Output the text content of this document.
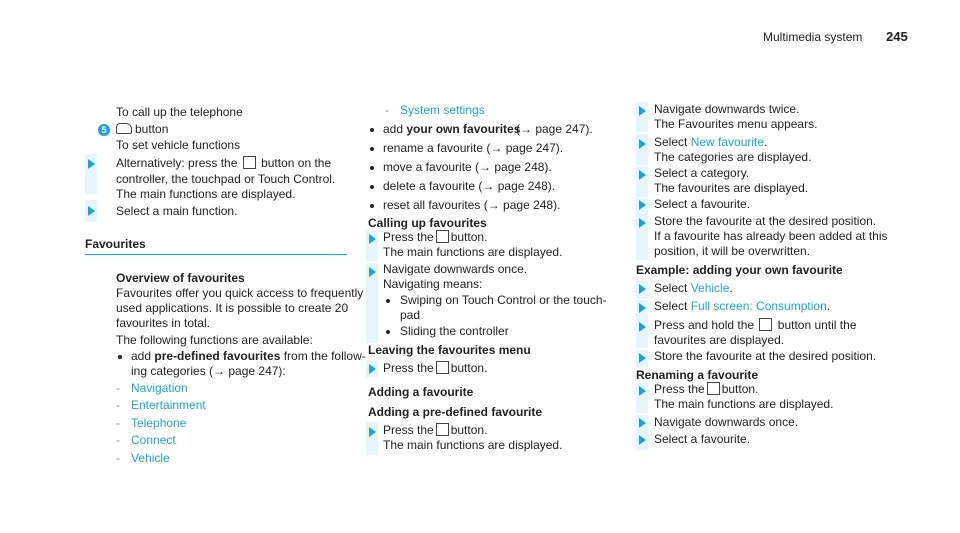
Multimedia system 245
To call up the telephone
5	button
To set vehicle functions
Alternatively: press the button on the
controller, the touchpad or Touch Control.
The main functions are displayed.
Select a main function.
Favourites
Overview of favourites
Favourites offer you quick access to frequently
used applications. It is possible to create 20
favourites in total.
The following functions are available:
add pre-defined favourites from the follow-
ing categories (→ page 247):
- Navigation
- Entertainment
- Telephone
- Connect
- Vehicle
- System settings
(→ page 247).
add your own favourites
rename a favourite (→ page 247).
move a favourite (→ page 248).
delete a favourite (→ page 248).
reset all favourites (→ page 248).
Calling up favourites
Press the button.
The main functions are displayed.
Navigate downwards once.
Navigating means:
Swiping on Touch Control or the touch-
pad
Sliding the controller
Leaving the favourites menu
Press the button.
Adding a favourite
Adding a pre-defined favourite
Press the button.
The main functions are displayed.
Navigate downwards twice.
The Favourites menu appears.
Select New favourite.
The categories are displayed.
Select a category.
The favourites are displayed.
Select a favourite.
Store the favourite at the desired position.
If a favourite has already been added at this
position, it will be overwritten.
Example: adding your own favourite
Select Vehicle.
Select Full screen: Consumption.
Press and hold the button until the
favourites are displayed.
Store the favourite at the desired position.
Renaming a favourite
Press the button.
The main functions are displayed.
Navigate downwards once.
Select a favourite.
